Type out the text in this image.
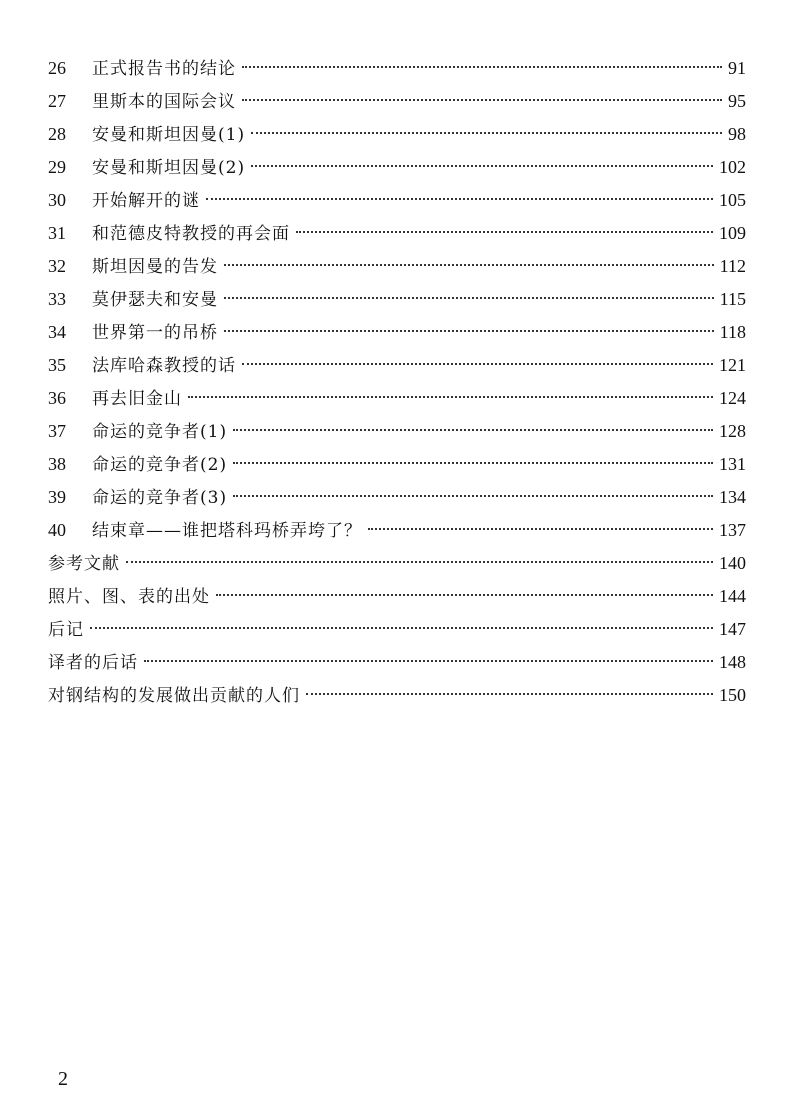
26	正式报告书的结论	91
27	里斯本的国际会议	95
28	安曼和斯坦因曼(1)	98
29	安曼和斯坦因曼(2)	102
30	开始解开的谜	105
31	和范德皮特教授的再会面	109
32	斯坦因曼的告发	112
33	莫伊瑟夫和安曼	115
34	世界第一的吊桥	118
35	法库哈森教授的话	121
36	再去旧金山	124
37	命运的竞争者(1)	128
38	命运的竞争者(2)	131
39	命运的竞争者(3)	134
40	结束章——谁把塔科玛桥弄垮了？	137
参考文献	140
照片、图、表的出处	144
后记	147
译者的后话	148
对钢结构的发展做出贡献的人们	150
2
